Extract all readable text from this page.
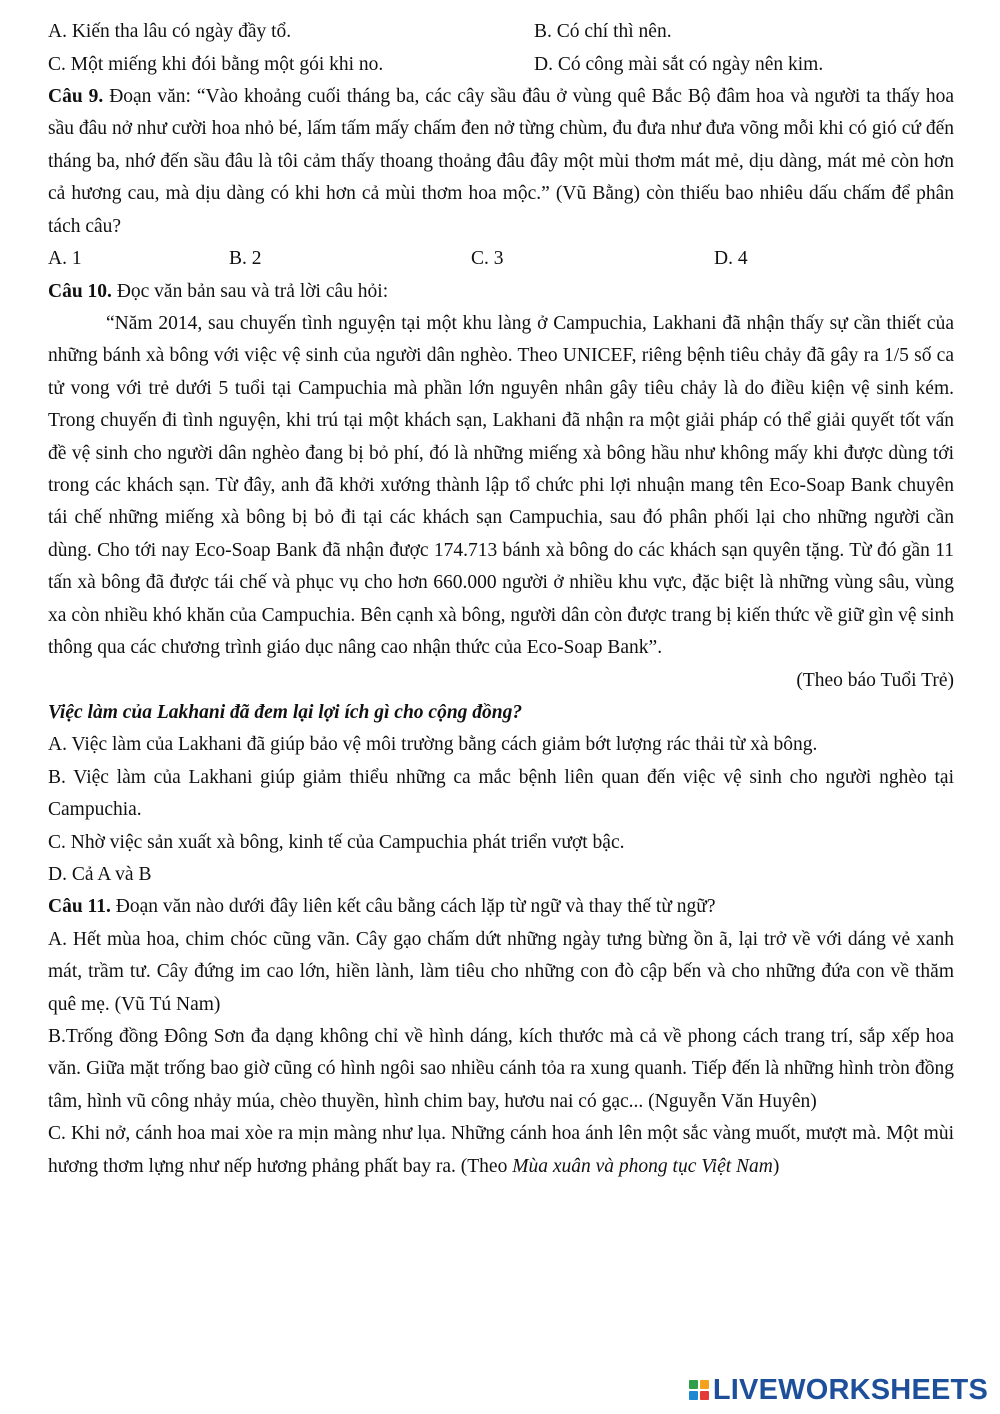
A. Kiến tha lâu có ngày đầy tổ.	B. Có chí thì nên.
C. Một miếng khi đói bằng một gói khi no.	D. Có công mài sắt có ngày nên kim.
Câu 9. Đoạn văn: “Vào khoảng cuối tháng ba, các cây sầu đâu ở vùng quê Bắc Bộ đâm hoa và người ta thấy hoa sầu đâu nở như cười hoa nhỏ bé, lấm tấm mấy chấm đen nở từng chùm, đu đưa như đưa võng mỗi khi có gió cứ đến tháng ba, nhớ đến sầu đâu là tôi cảm thấy thoang thoảng đâu đây một mùi thơm mát mẻ, dịu dàng, mát mẻ còn hơn cả hương cau, mà dịu dàng có khi hơn cả mùi thơm hoa mộc.” (Vũ Bằng) còn thiếu bao nhiêu dấu chấm để phân tách câu?
A. 1	B. 2	C. 3	D. 4
Câu 10. Đọc văn bản sau và trả lời câu hỏi:
“Năm 2014, sau chuyến tình nguyện tại một khu làng ở Campuchia, Lakhani đã nhận thấy sự cần thiết của những bánh xà bông với việc vệ sinh của người dân nghèo. Theo UNICEF, riêng bệnh tiêu chảy đã gây ra 1/5 số ca tử vong với trẻ dưới 5 tuổi tại Campuchia mà phần lớn nguyên nhân gây tiêu chảy là do điều kiện vệ sinh kém. Trong chuyến đi tình nguyện, khi trú tại một khách sạn, Lakhani đã nhận ra một giải pháp có thể giải quyết tốt vấn đề vệ sinh cho người dân nghèo đang bị bỏ phí, đó là những miếng xà bông hầu như không mấy khi được dùng tới trong các khách sạn. Từ đây, anh đã khởi xướng thành lập tổ chức phi lợi nhuận mang tên Eco-Soap Bank chuyên tái chế những miếng xà bông bị bỏ đi tại các khách sạn Campuchia, sau đó phân phối lại cho những người cần dùng. Cho tới nay Eco-Soap Bank đã nhận được 174.713 bánh xà bông do các khách sạn quyên tặng. Từ đó gần 11 tấn xà bông đã được tái chế và phục vụ cho hơn 660.000 người ở nhiều khu vực, đặc biệt là những vùng sâu, vùng xa còn nhiều khó khăn của Campuchia. Bên cạnh xà bông, người dân còn được trang bị kiến thức về giữ gìn vệ sinh thông qua các chương trình giáo dục nâng cao nhận thức của Eco-Soap Bank”.
(Theo báo Tuổi Trẻ)
Việc làm của Lakhani đã đem lại lợi ích gì cho cộng đồng?
A. Việc làm của Lakhani đã giúp bảo vệ môi trường bằng cách giảm bớt lượng rác thải từ xà bông.
B. Việc làm của Lakhani giúp giảm thiểu những ca mắc bệnh liên quan đến việc vệ sinh cho người nghèo tại Campuchia.
C. Nhờ việc sản xuất xà bông, kinh tế của Campuchia phát triển vượt bậc.
D. Cả A và B
Câu 11. Đoạn văn nào dưới đây liên kết câu bằng cách lặp từ ngữ và thay thế từ ngữ?
A. Hết mùa hoa, chim chóc cũng vãn. Cây gạo chấm dứt những ngày tưng bừng ồn ã, lại trở về với dáng vẻ xanh mát, trầm tư. Cây đứng im cao lớn, hiền lành, làm tiêu cho những con đò cập bến và cho những đứa con về thăm quê mẹ. (Vũ Tú Nam)
B.Trống đồng Đông Sơn đa dạng không chỉ về hình dáng, kích thước mà cả về phong cách trang trí, sắp xếp hoa văn. Giữa mặt trống bao giờ cũng có hình ngôi sao nhiều cánh tỏa ra xung quanh. Tiếp đến là những hình tròn đồng tâm, hình vũ công nhảy múa, chèo thuyền, hình chim bay, hươu nai có gạc... (Nguyễn Văn Huyên)
C. Khi nở, cánh hoa mai xòe ra mịn màng như lụa. Những cánh hoa ánh lên một sắc vàng muốt, mượt mà. Một mùi hương thơm lựng như nếp hương phảng phất bay ra. (Theo Mùa xuân và phong tục Việt Nam)
LIVEWORKSHEETS
